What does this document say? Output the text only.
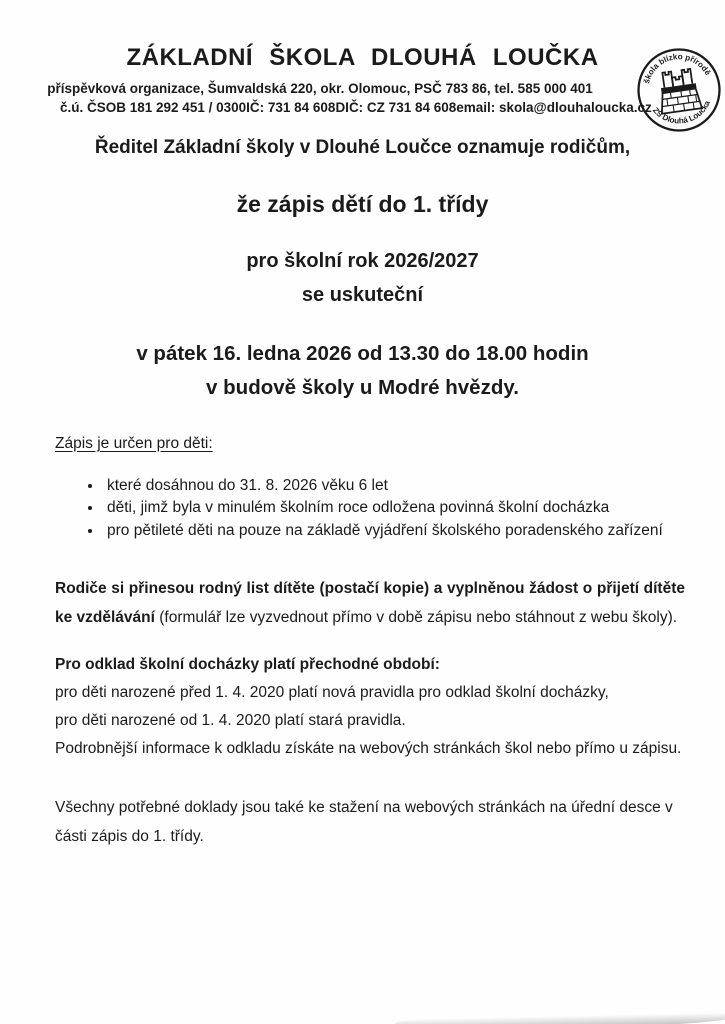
ZÁKLADNÍ ŠKOLA DLOUHÁ LOUČKA
příspěvková organizace, Šumvaldská 220, okr. Olomouc, PSČ 783 86, tel. 585 000 401
č.ú. ČSOB 181 292 451 / 0300 IČ: 731 84 608 DIČ: CZ 731 84 608 email: skola@dlouhaloucka.cz
škola blízko přírodě
ZŠ Dlouhá Loučka
Ředitel Základní školy v Dlouhé Loučce oznamuje rodičům,
že zápis dětí do 1. třídy
pro školní rok 2026/2027
se uskuteční
v pátek 16. ledna 2026 od 13.30 do 18.00 hodin
v budově školy u Modré hvězdy.
Zápis je určen pro děti:
• které dosáhnou do 31. 8. 2026 věku 6 let
• děti, jimž byla v minulém školním roce odložena povinná školní docházka
• pro pětileté děti na pouze na základě vyjádření školského poradenského zařízení

Rodiče si přinesou rodný list dítěte (postačí kopie) a vyplněnou žádost o přijetí dítěte ke vzdělávání (formulář lze vyzvednout přímo v době zápisu nebo stáhnout z webu školy).

Pro odklad školní docházky platí přechodné období:
pro děti narozené před 1. 4. 2020 platí nová pravidla pro odklad školní docházky,
pro děti narozené od 1. 4. 2020 platí stará pravidla.
Podrobnější informace k odkladu získáte na webových stránkách škol nebo přímo u zápisu.

Všechny potřebné doklady jsou také ke stažení na webových stránkách na úřední desce v části zápis do 1. třídy.
